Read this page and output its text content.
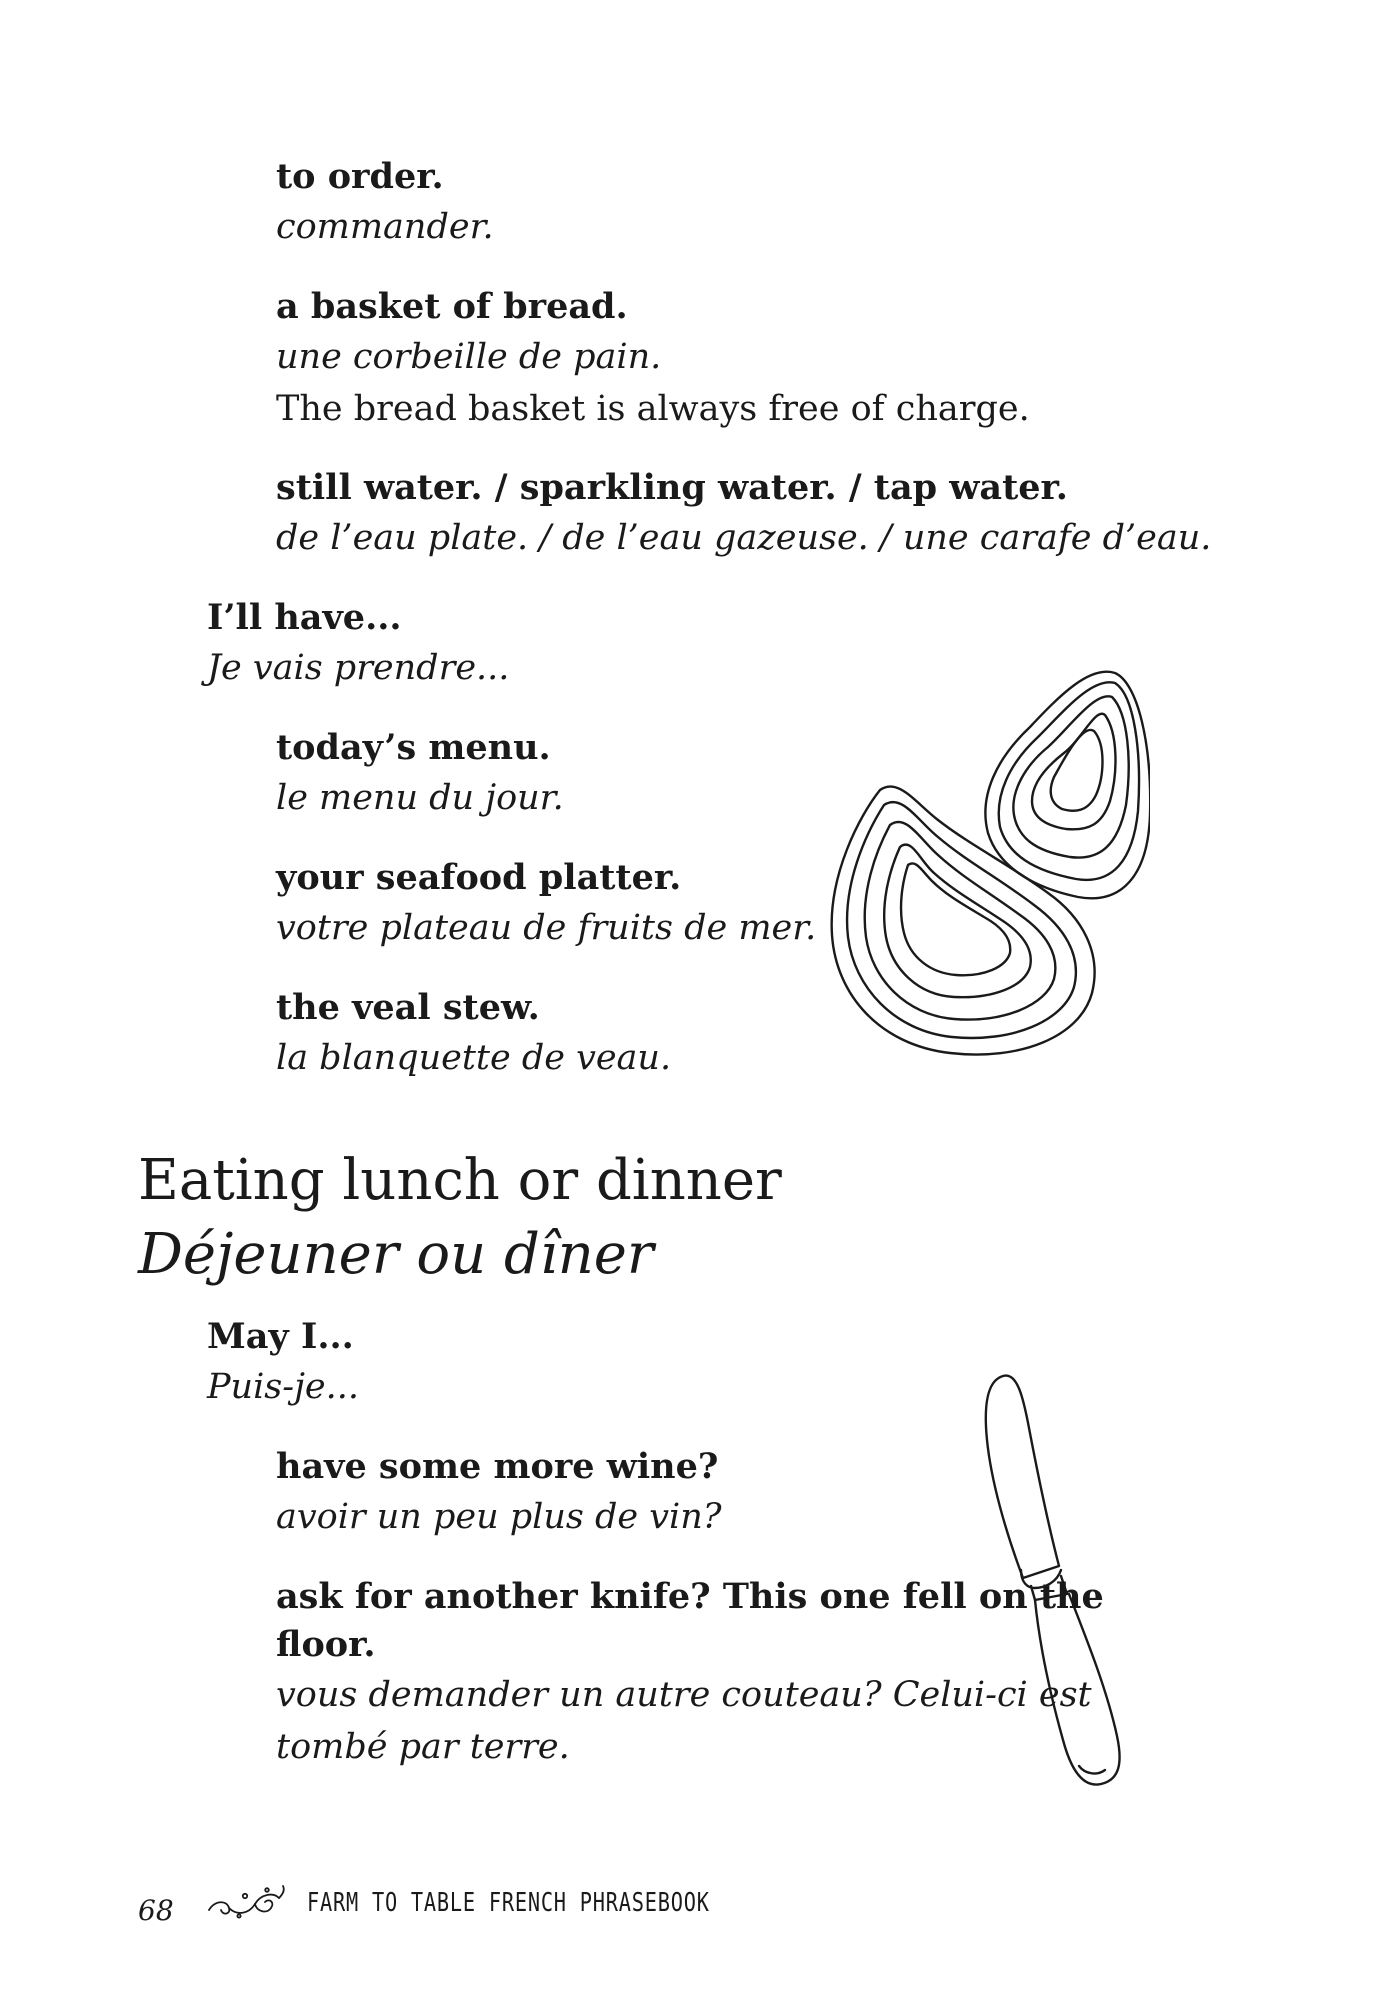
to order.

commander.

a basket of bread.

une corbeille de pain.

The bread basket is always free of charge.

still water. / sparkling water. / tap water.

de l’eau plate. / de l’eau gazeuse. / une carafe d’eau.

I’ll have...

Je vais prendre...

today’s menu.

le menu du jour.

your seafood platter.

votre plateau de fruits de mer.

the veal stew.

la blanquette de veau.

Eating lunch or dinner
Déjeuner ou dîner

May I...

Puis-je...

have some more wine?

avoir un peu plus de vin?

ask for another knife? This one fell on the

floor.

vous demander un autre couteau? Celui-ci est

tombé par terre.

68	FARM TO TABLE FRENCH PHRASEBOOK
